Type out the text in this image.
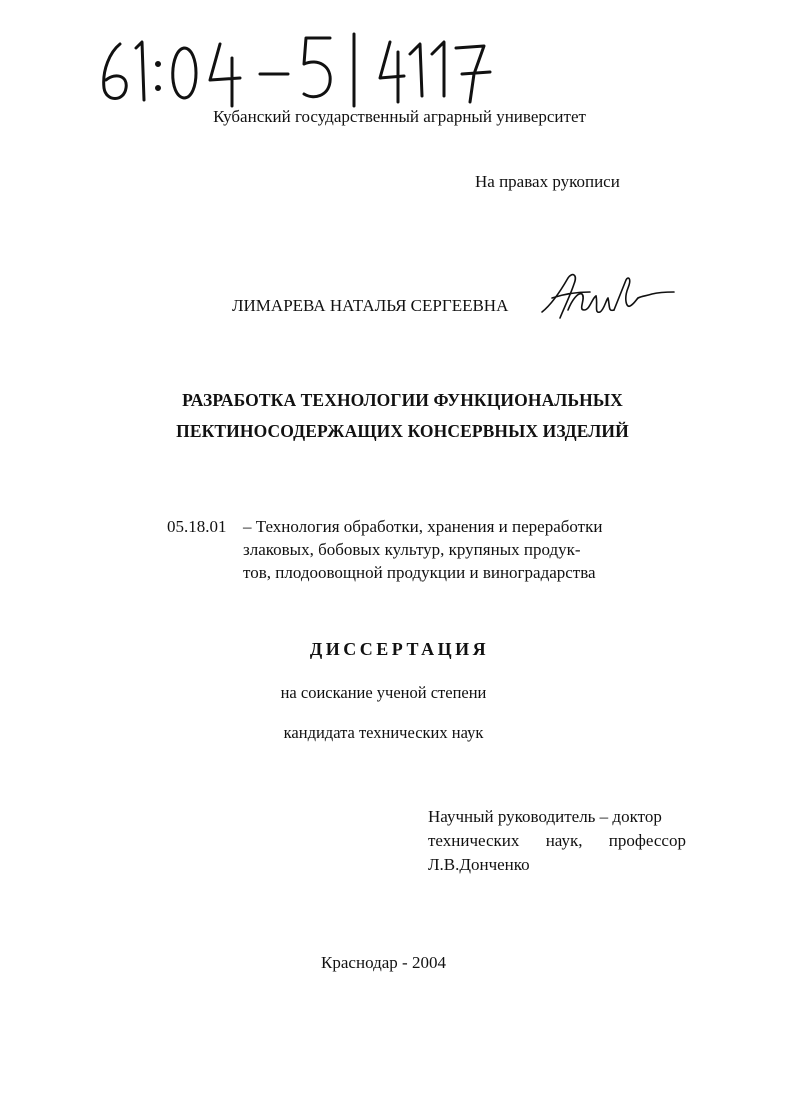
Кубанский государственный аграрный университет
На правах рукописи
ЛИМАРЕВА НАТАЛЬЯ СЕРГЕЕВНА
РАЗРАБОТКА ТЕХНОЛОГИИ ФУНКЦИОНАЛЬНЫХ
ПЕКТИНОСОДЕРЖАЩИХ КОНСЕРВНЫХ ИЗДЕЛИЙ
05.18.01 – Технология обработки, хранения и переработки
злаковых, бобовых культур, крупяных продук-
тов, плодоовощной продукции и виноградарства
ДИССЕРТАЦИЯ
на соискание ученой степени
кандидата технических наук
Научный руководитель – доктор
технических наук, профессор
Л.В.Донченко
Краснодар - 2004
